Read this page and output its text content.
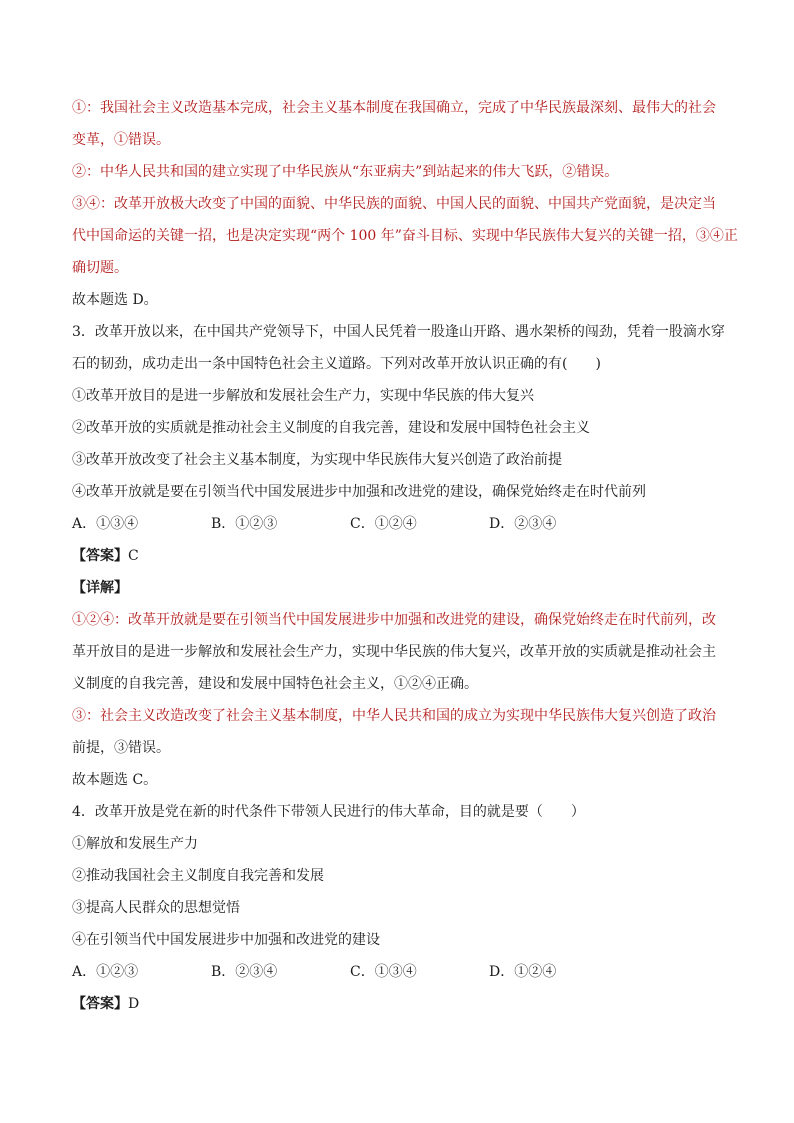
①：我国社会主义改造基本完成，社会主义基本制度在我国确立，完成了中华民族最深刻、最伟大的社会
变革，①错误。
②：中华人民共和国的建立实现了中华民族从“东亚病夫”到站起来的伟大飞跃，②错误。
③④：改革开放极大改变了中国的面貌、中华民族的面貌、中国人民的面貌、中国共产党面貌，是决定当
代中国命运的关键一招，也是决定实现“两个 100 年”奋斗目标、实现中华民族伟大复兴的关键一招，③④正
确切题。
故本题选 D。
3．改革开放以来，在中国共产党领导下，中国人民凭着一股逢山开路、遇水架桥的闯劲，凭着一股滴水穿
石的韧劲，成功走出一条中国特色社会主义道路。下列对改革开放认识正确的有(　　)
①改革开放目的是进一步解放和发展社会生产力，实现中华民族的伟大复兴
②改革开放的实质就是推动社会主义制度的自我完善，建设和发展中国特色社会主义
③改革开放改变了社会主义基本制度，为实现中华民族伟大复兴创造了政治前提
④改革开放就是要在引领当代中国发展进步中加强和改进党的建设，确保党始终走在时代前列
A．①③④	B．①②③	C．①②④	D．②③④
【答案】C
【详解】
①②④：改革开放就是要在引领当代中国发展进步中加强和改进党的建设，确保党始终走在时代前列，改
革开放目的是进一步解放和发展社会生产力，实现中华民族的伟大复兴，改革开放的实质就是推动社会主
义制度的自我完善，建设和发展中国特色社会主义，①②④正确。
③：社会主义改造改变了社会主义基本制度，中华人民共和国的成立为实现中华民族伟大复兴创造了政治
前提，③错误。
故本题选 C。
4．改革开放是党在新的时代条件下带领人民进行的伟大革命，目的就是要（　　）
①解放和发展生产力
②推动我国社会主义制度自我完善和发展
③提高人民群众的思想觉悟
④在引领当代中国发展进步中加强和改进党的建设
A．①②③	B．②③④	C．①③④	D．①②④
【答案】D
